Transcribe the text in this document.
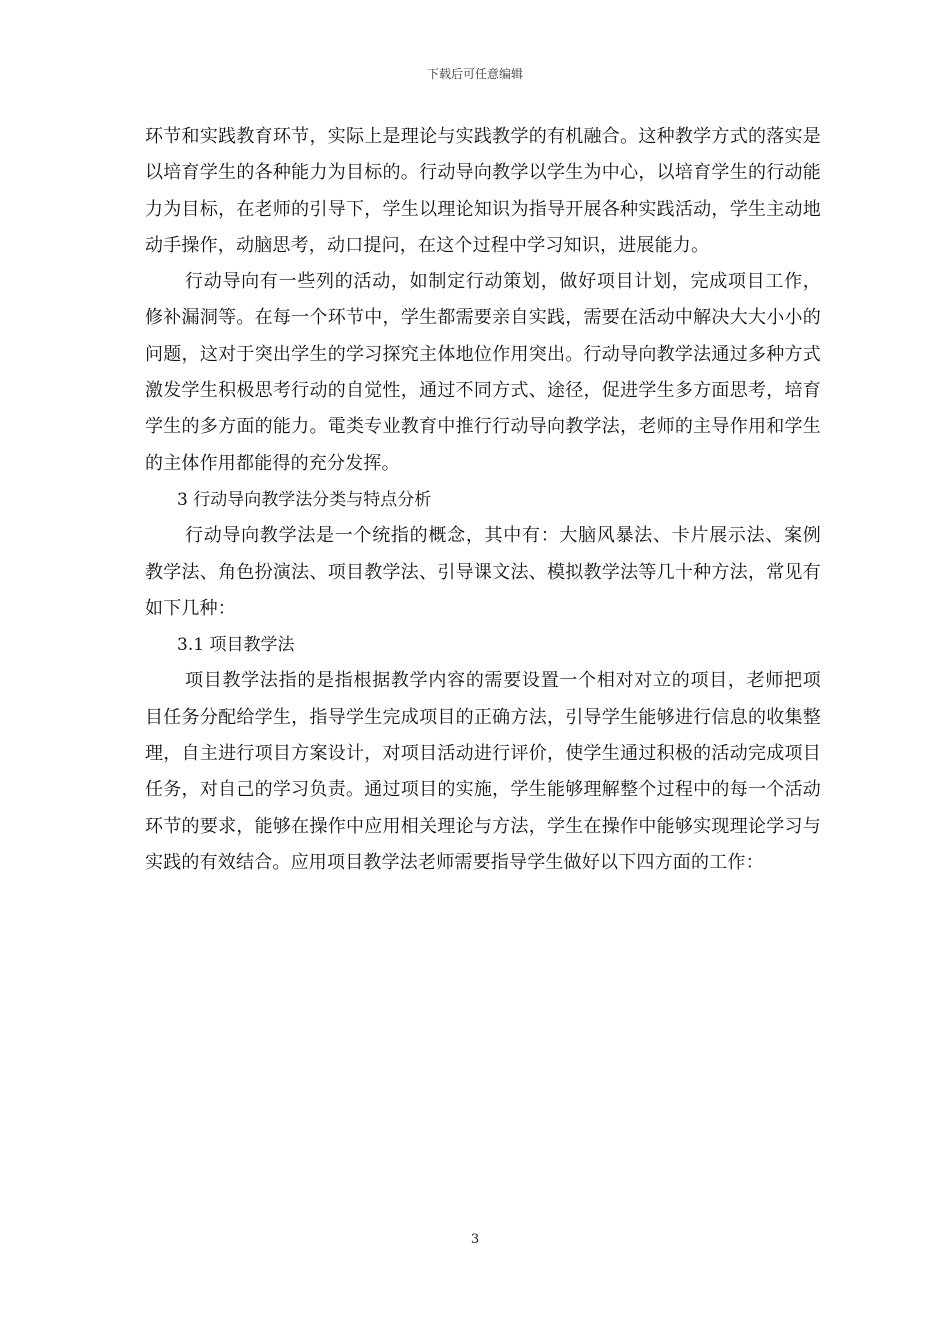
下载后可任意编辑

环节和实践教育环节，实际上是理论与实践教学的有机融合。这种教学方式的落实是以培育学生的各种能力为目标的。行动导向教学以学生为中心，以培育学生的行动能力为目标，在老师的引导下，学生以理论知识为指导开展各种实践活动，学生主动地动手操作，动脑思考，动口提问，在这个过程中学习知识，进展能力。

行动导向有一些列的活动，如制定行动策划，做好项目计划，完成项目工作，修补漏洞等。在每一个环节中，学生都需要亲自实践，需要在活动中解决大大小小的问题，这对于突出学生的学习探究主体地位作用突出。行动导向教学法通过多种方式激发学生积极思考行动的自觉性，通过不同方式、途径，促进学生多方面思考，培育学生的多方面的能力。電类专业教育中推行行动导向教学法，老师的主导作用和学生的主体作用都能得的充分发挥。

3 行动导向教学法分类与特点分析

行动导向教学法是一个统指的概念，其中有：大脑风暴法、卡片展示法、案例教学法、角色扮演法、项目教学法、引导课文法、模拟教学法等几十种方法，常见有如下几种：

3.1 项目教学法

项目教学法指的是指根据教学内容的需要设置一个相对对立的项目，老师把项目任务分配给学生，指导学生完成项目的正确方法，引导学生能够进行信息的收集整理，自主进行项目方案设计，对项目活动进行评价，使学生通过积极的活动完成项目任务，对自己的学习负责。通过项目的实施，学生能够理解整个过程中的每一个活动环节的要求，能够在操作中应用相关理论与方法，学生在操作中能够实现理论学习与实践的有效结合。应用项目教学法老师需要指导学生做好以下四方面的工作：

3
